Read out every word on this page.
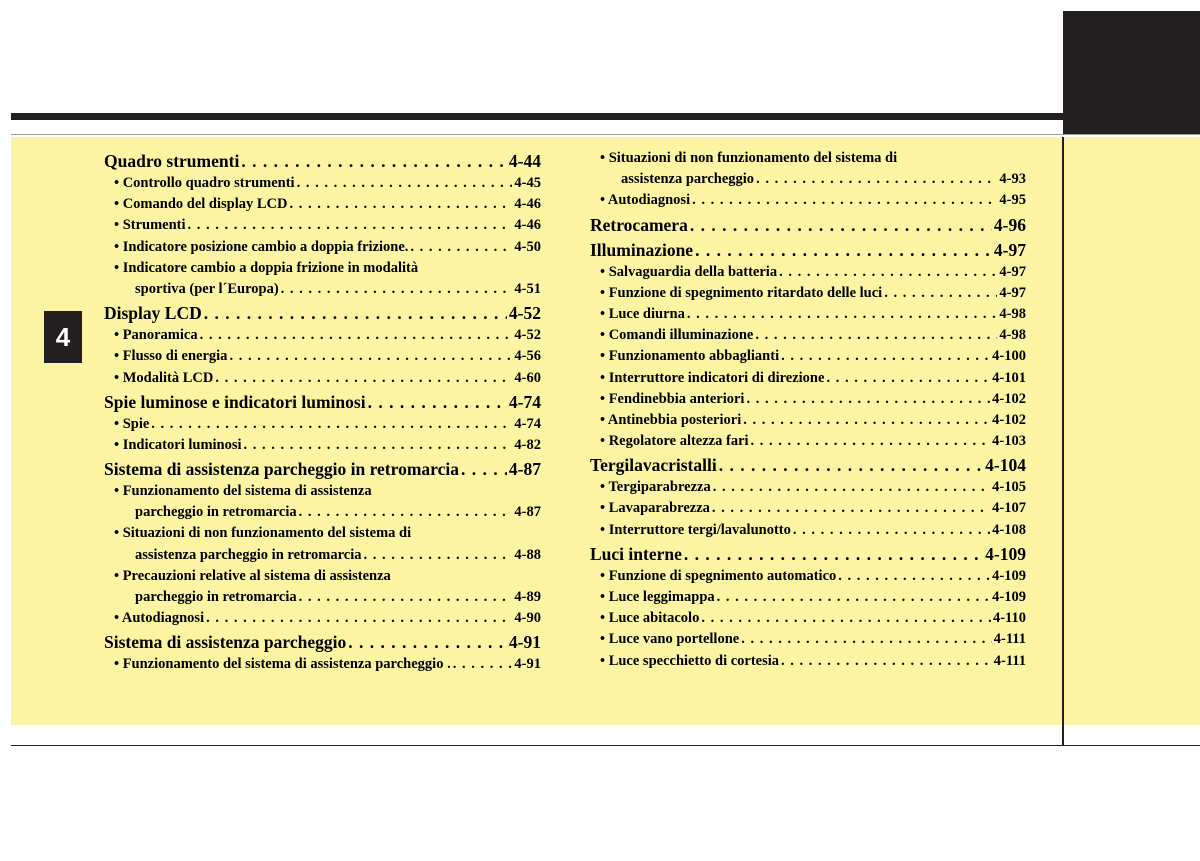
4
Quadro strumenti . . .	4-44
• Controllo quadro strumenti . . .	4-45
• Comando del display LCD . . .	4-46
• Strumenti . . .	4-46
• Indicatore posizione cambio a doppia frizione. . . .	4-50
• Indicatore cambio a doppia frizione in modalità
sportiva (per l´Europa) . . .	4-51
Display LCD . . .	4-52
• Panoramica . . .	4-52
• Flusso di energia . . .	4-56
• Modalità LCD . . .	4-60
Spie luminose e indicatori luminosi . . .	4-74
• Spie . . .	4-74
• Indicatori luminosi . . .	4-82
Sistema di assistenza parcheggio in retromarcia . . .	4-87
• Funzionamento del sistema di assistenza
parcheggio in retromarcia . . .	4-87
• Situazioni di non funzionamento del sistema di
assistenza parcheggio in retromarcia . . .	4-88
• Precauzioni relative al sistema di assistenza
parcheggio in retromarcia . . .	4-89
• Autodiagnosi . . .	4-90
Sistema di assistenza parcheggio . . .	4-91
• Funzionamento del sistema di assistenza parcheggio . . . .	4-91
• Situazioni di non funzionamento del sistema di
assistenza parcheggio . . .	4-93
• Autodiagnosi . . .	4-95
Retrocamera . . .	4-96
Illuminazione . . .	4-97
• Salvaguardia della batteria . . .	4-97
• Funzione di spegnimento ritardato delle luci . . .	4-97
• Luce diurna . . .	4-98
• Comandi illuminazione . . .	4-98
• Funzionamento abbaglianti . . .	4-100
• Interruttore indicatori di direzione . . .	4-101
• Fendinebbia anteriori . . .	4-102
• Antinebbia posteriori . . .	4-102
• Regolatore altezza fari . . .	4-103
Tergilavacristalli . . .	4-104
• Tergiparabrezza . . .	4-105
• Lavaparabrezza . . .	4-107
• Interruttore tergi/lavalunotto . . .	4-108
Luci interne . . .	4-109
• Funzione di spegnimento automatico . . .	4-109
• Luce leggimappa . . .	4-109
• Luce abitacolo . . .	4-110
• Luce vano portellone . . .	4-111
• Luce specchietto di cortesia . . .	4-111
